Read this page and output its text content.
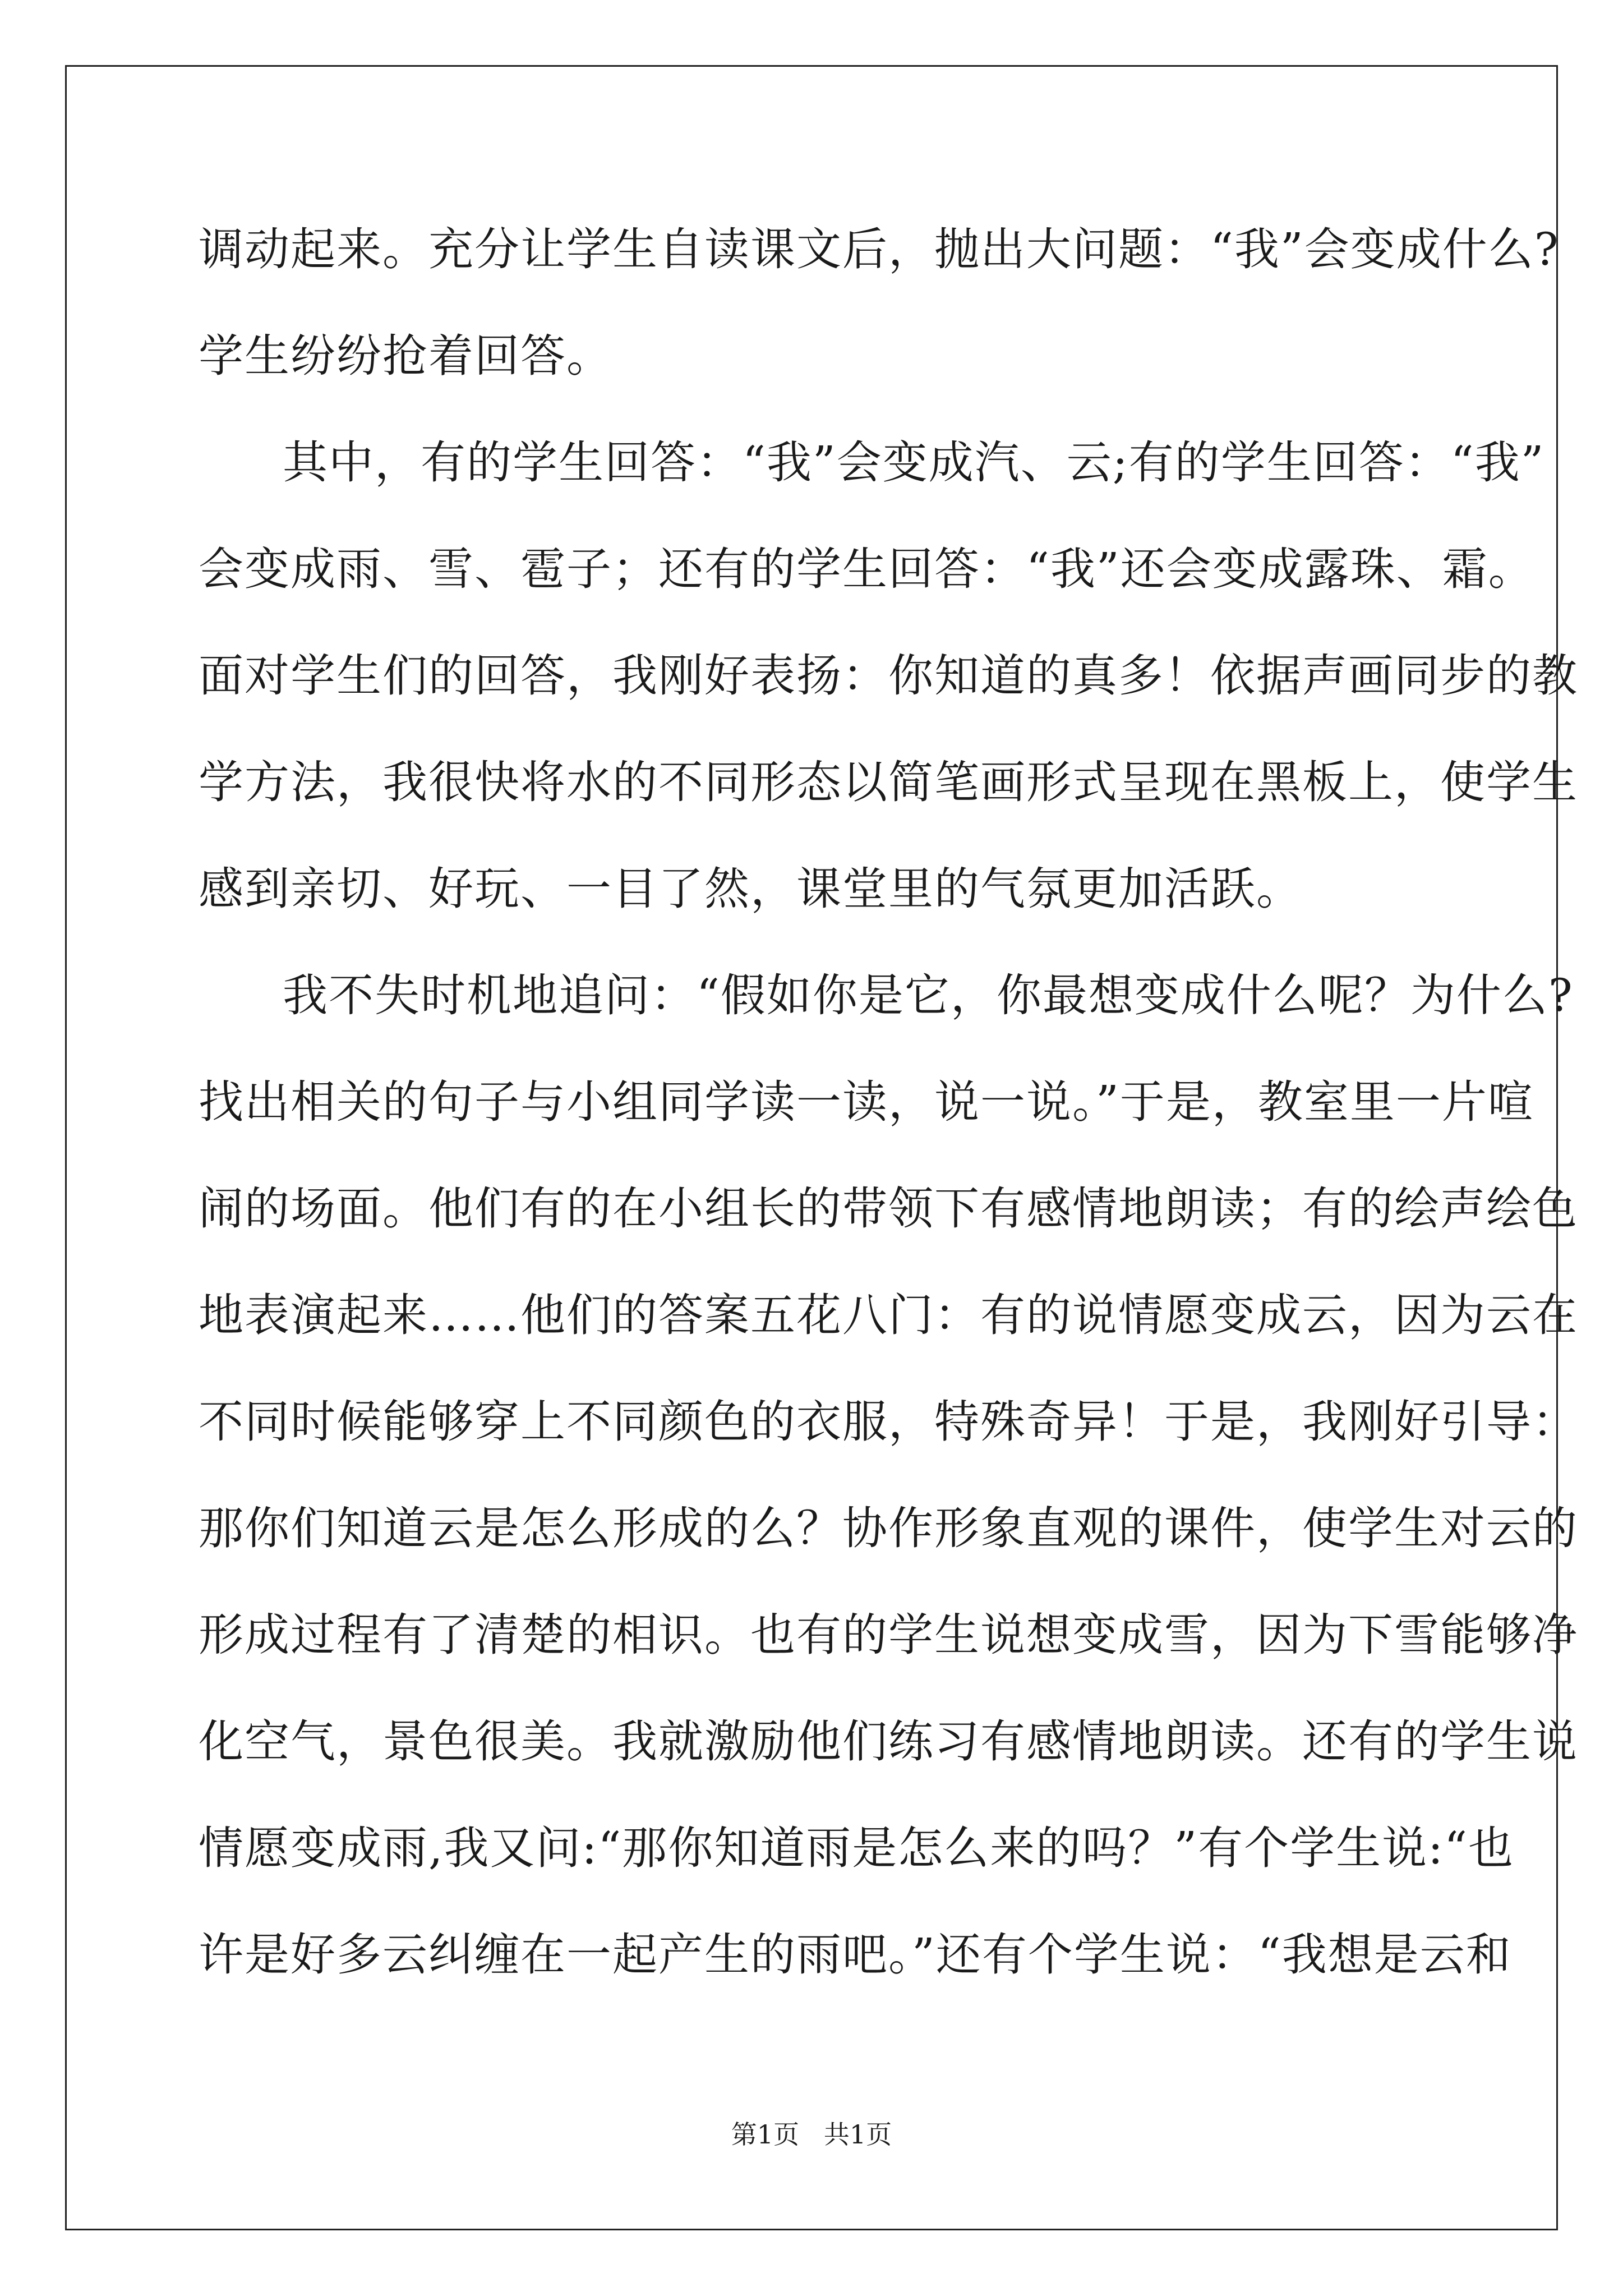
调动起来。充分让学生自读课文后，抛出大问题：“我”会变成什么?
学生纷纷抢着回答。
其中，有的学生回答：“我”会变成汽、云;有的学生回答：“我”
会变成雨、雪、雹子；还有的学生回答：“我”还会变成露珠、霜。
面对学生们的回答，我刚好表扬：你知道的真多！依据声画同步的教
学方法，我很快将水的不同形态以简笔画形式呈现在黑板上，使学生
感到亲切、好玩、一目了然，课堂里的气氛更加活跃。
我不失时机地追问：“假如你是它，你最想变成什么呢？为什么?
找出相关的句子与小组同学读一读，说一说。”于是，教室里一片喧
闹的场面。他们有的在小组长的带领下有感情地朗读；有的绘声绘色
地表演起来……他们的答案五花八门：有的说情愿变成云，因为云在
不同时候能够穿上不同颜色的衣服，特殊奇异！于是，我刚好引导：
那你们知道云是怎么形成的么？协作形象直观的课件，使学生对云的
形成过程有了清楚的相识。也有的学生说想变成雪，因为下雪能够净
化空气，景色很美。我就激励他们练习有感情地朗读。还有的学生说
情愿变成雨,我又问:“那你知道雨是怎么来的吗？”有个学生说:“也
许是好多云纠缠在一起产生的雨吧。”还有个学生说：“我想是云和
第1页   共1页
